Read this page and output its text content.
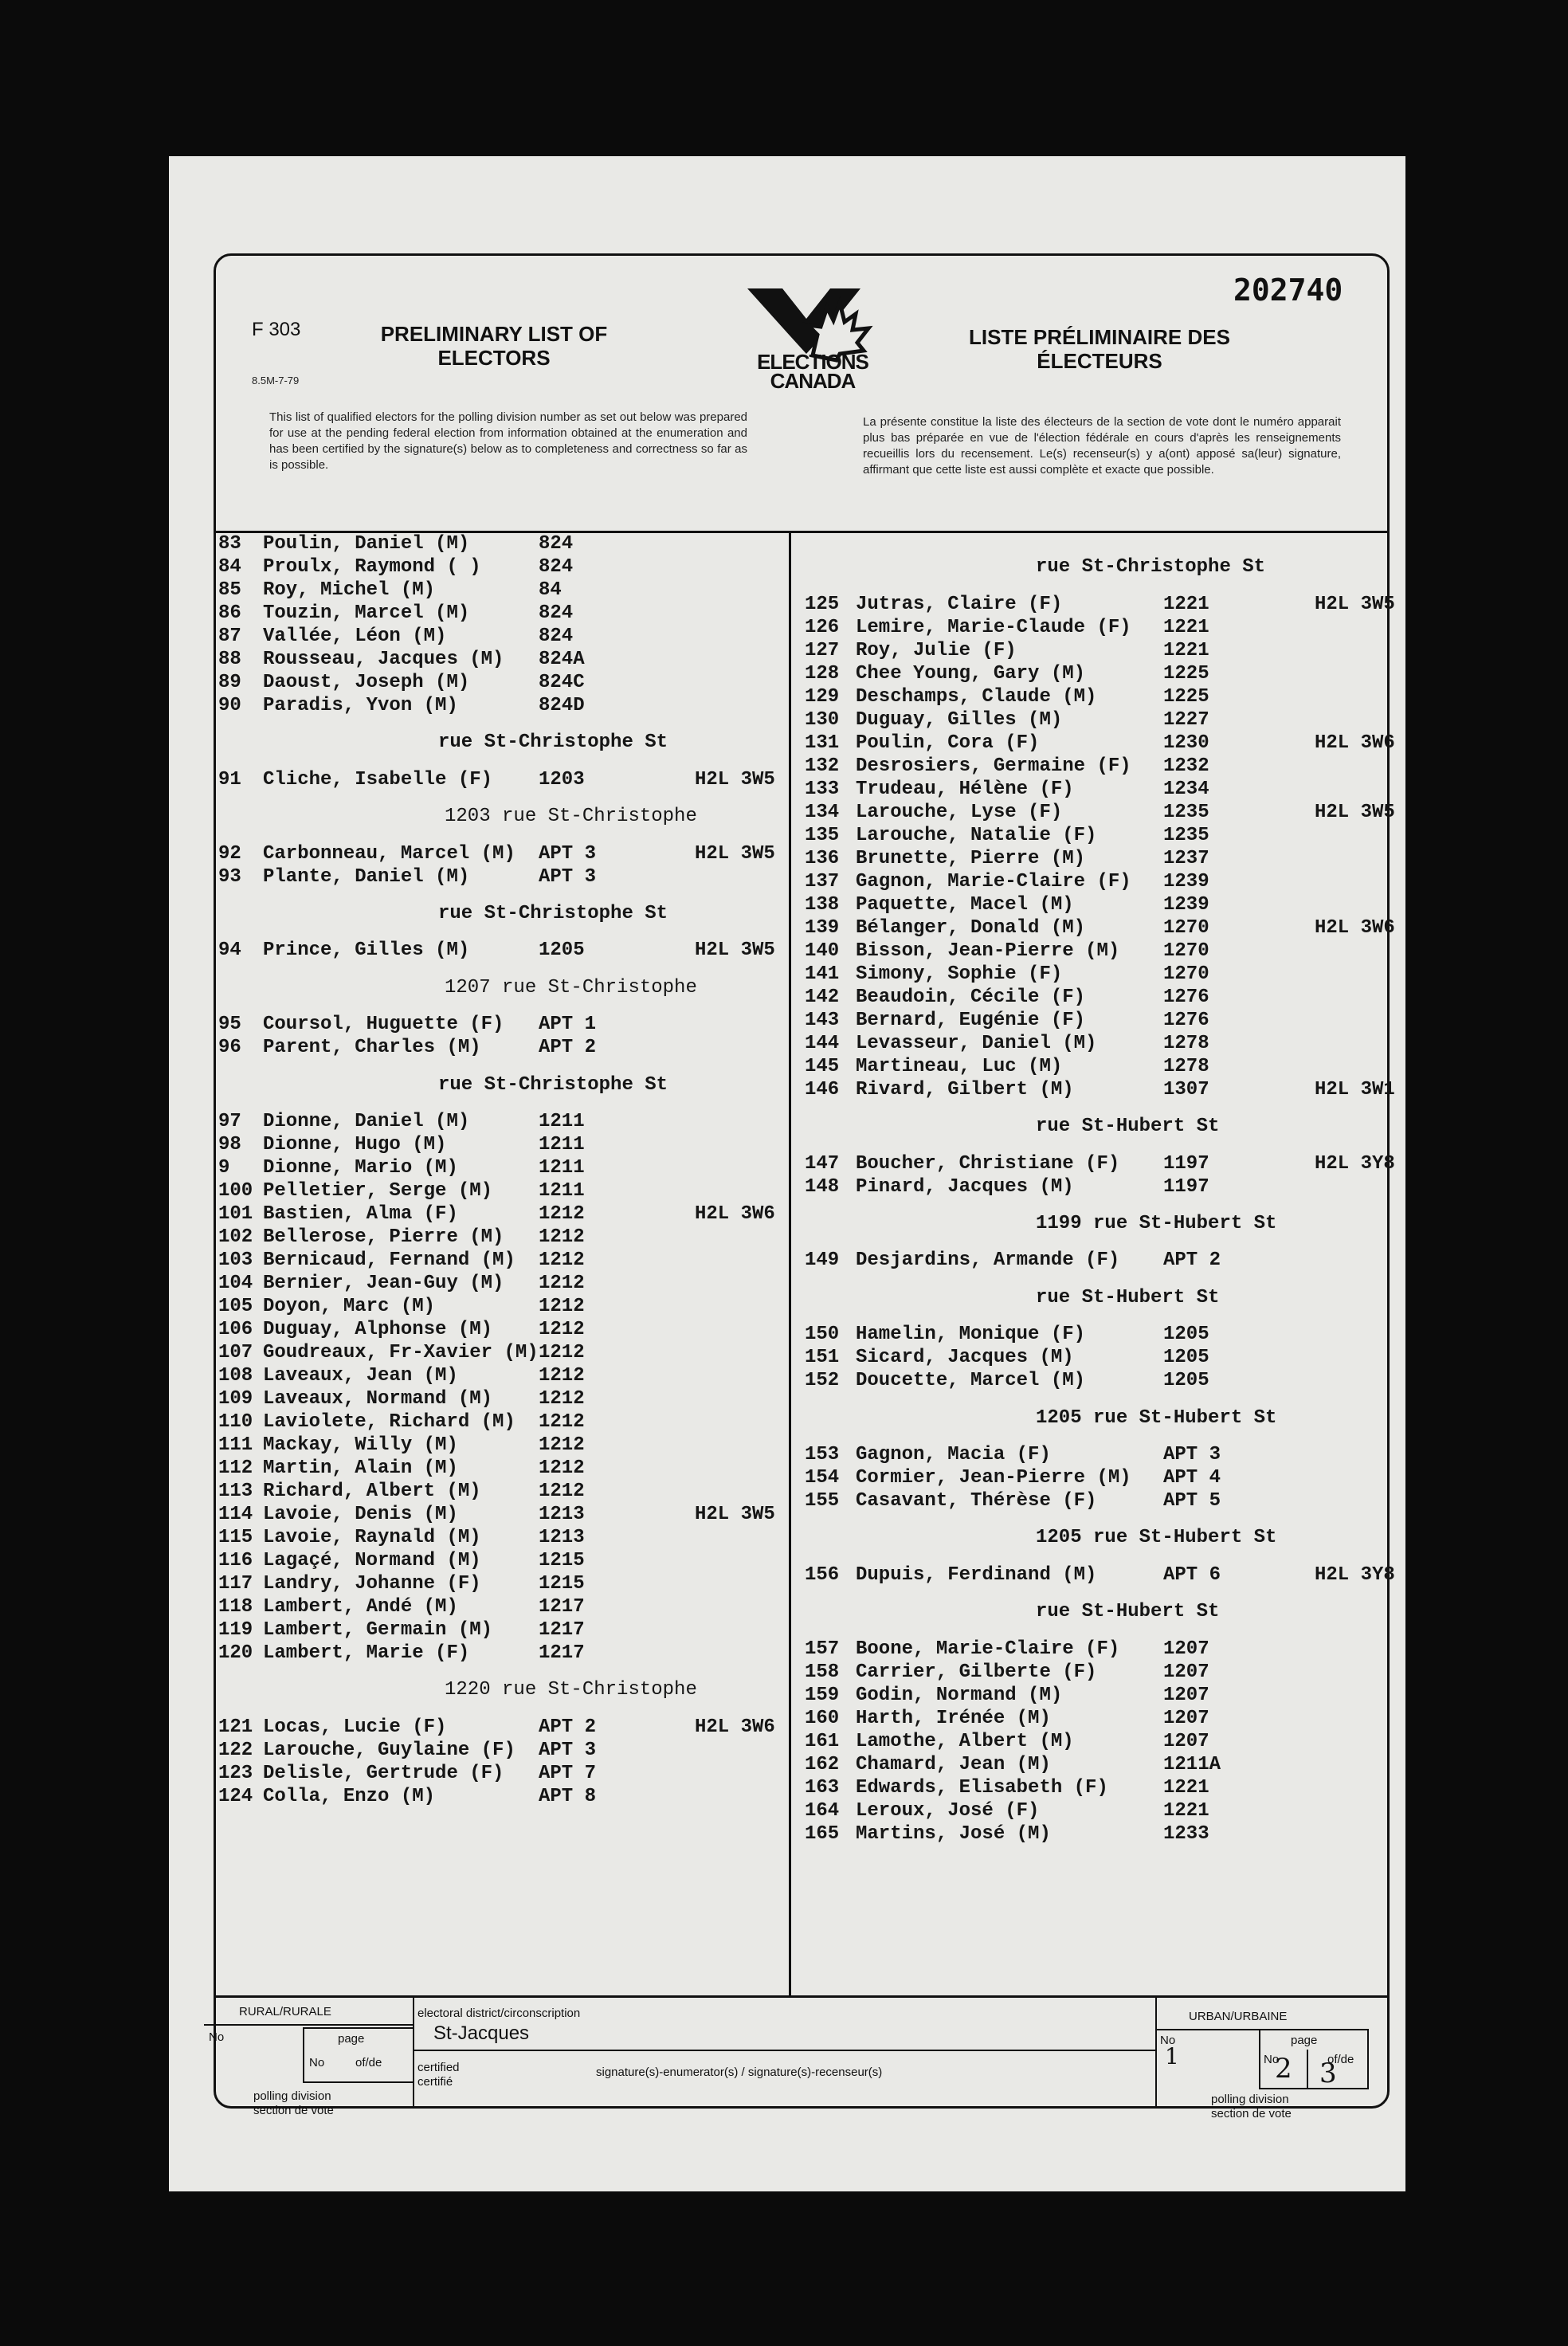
202740
F 303
8.5M-7-79
PRELIMINARY LIST OF ELECTORS
LISTE PRÉLIMINAIRE DES ÉLECTEURS
ELECTIONS CANADA
This list of qualified electors for the polling division number as set out below was prepared for use at the pending federal election from information obtained at the enumeration and has been certified by the signature(s) below as to completeness and correctness so far as is possible.
La présente constitue la liste des électeurs de la section de vote dont le numéro apparait plus bas préparée en vue de l'élection fédérale en cours d'après les renseignements recueillis lors du recensement. Le(s) recenseur(s) y a(ont) apposé sa(leur) signature, affirmant que cette liste est aussi complète et exacte que possible.
83 Poulin, Daniel (M)	824
84 Proulx, Raymond ( )	824
85 Roy, Michel (M)	84
86 Touzin, Marcel (M)	824
87 Vallée, Léon (M)	824
88 Rousseau, Jacques (M) 824A
89 Daoust, Joseph (M)	824C
90 Paradis, Yvon (M)	824D
rue St-Christophe St
91 Cliche, Isabelle (F) 1203	H2L 3W5
1203 rue St-Christophe
92 Carbonneau, Marcel (M) APT 3	H2L 3W5
93 Plante, Daniel (M)	APT 3
rue St-Christophe St
94 Prince, Gilles (M)	1205	H2L 3W5
1207 rue St-Christophe
95 Coursol, Huguette (F) APT 1
96 Parent, Charles (M)	APT 2
rue St-Christophe St
97 Dionne, Daniel (M)	1211
98 Dionne, Hugo (M)	1211
9 Dionne, Mario (M)	1211
100 Pelletier, Serge (M) 1211
101 Bastien, Alma (F)	1212	H2L 3W6
102 Bellerose, Pierre (M) 1212
103 Bernicaud, Fernand (M) 1212
104 Bernier, Jean-Guy (M) 1212
105 Doyon, Marc (M)	1212
106 Duguay, Alphonse (M) 1212
107 Goudreaux, Fr-Xavier (M) 1212
108 Laveaux, Jean (M)	1212
109 Laveaux, Normand (M) 1212
110 Laviolete, Richard (M) 1212
111 Mackay, Willy (M)	1212
112 Martin, Alain (M)	1212
113 Richard, Albert (M)	1212
114 Lavoie, Denis (M)	1213	H2L 3W5
115 Lavoie, Raynald (M)	1213
116 Lagaçé, Normand (M)	1215
117 Landry, Johanne (F)	1215
118 Lambert, Andé (M)	1217
119 Lambert, Germain (M) 1217
120 Lambert, Marie (F)	1217
1220 rue St-Christophe
121 Locas, Lucie (F)	APT 2	H2L 3W6
122 Larouche, Guylaine (F) APT 3
123 Delisle, Gertrude (F) APT 7
124 Colla, Enzo (M)	APT 8
rue St-Christophe St
125 Jutras, Claire (F)	1221	H2L 3W5
126 Lemire, Marie-Claude (F) 1221
127 Roy, Julie (F)	1221
128 Chee Young, Gary (M)	1225
129 Deschamps, Claude (M)	1225
130 Duguay, Gilles (M)	1227
131 Poulin, Cora (F)	1230	H2L 3W6
132 Desrosiers, Germaine (F) 1232
133 Trudeau, Hélène (F)	1234
134 Larouche, Lyse (F)	1235	H2L 3W5
135 Larouche, Natalie (F)	1235
136 Brunette, Pierre (M)	1237
137 Gagnon, Marie-Claire (F) 1239
138 Paquette, Macel (M)	1239
139 Bélanger, Donald (M)	1270	H2L 3W6
140 Bisson, Jean-Pierre (M) 1270
141 Simony, Sophie (F)	1270
142 Beaudoin, Cécile (F)	1276
143 Bernard, Eugénie (F)	1276
144 Levasseur, Daniel (M)	1278
145 Martineau, Luc (M)	1278
146 Rivard, Gilbert (M)	1307	H2L 3W1
rue St-Hubert St
147 Boucher, Christiane (F) 1197	H2L 3Y8
148 Pinard, Jacques (M)	1197
1199 rue St-Hubert St
149 Desjardins, Armande (F) APT 2
rue St-Hubert St
150 Hamelin, Monique (F)	1205
151 Sicard, Jacques (M)	1205
152 Doucette, Marcel (M)	1205
1205 rue St-Hubert St
153 Gagnon, Macia (F)	APT 3
154 Cormier, Jean-Pierre (M) APT 4
155 Casavant, Thérèse (F)	APT 5
1205 rue St-Hubert St
156 Dupuis, Ferdinand (M)	APT 6	H2L 3Y8
rue St-Hubert St
157 Boone, Marie-Claire (F) 1207
158 Carrier, Gilberte (F)	1207
159 Godin, Normand (M)	1207
160 Harth, Irénée (M)	1207
161 Lamothe, Albert (M)	1207
162 Chamard, Jean (M)	1211A
163 Edwards, Elisabeth (F)	1221
164 Leroux, José (F)	1221
165 Martins, José (M)	1233
RURAL/RURALE
No	page
No	of/de
polling division
section de vote
electoral district/circonscription
St-Jacques
certified
certifié
signature(s)-enumerator(s) / signature(s)-recenseur(s)
URBAN/URBAINE
No
1
page
No
2	of/de
3
polling division
section de vote
